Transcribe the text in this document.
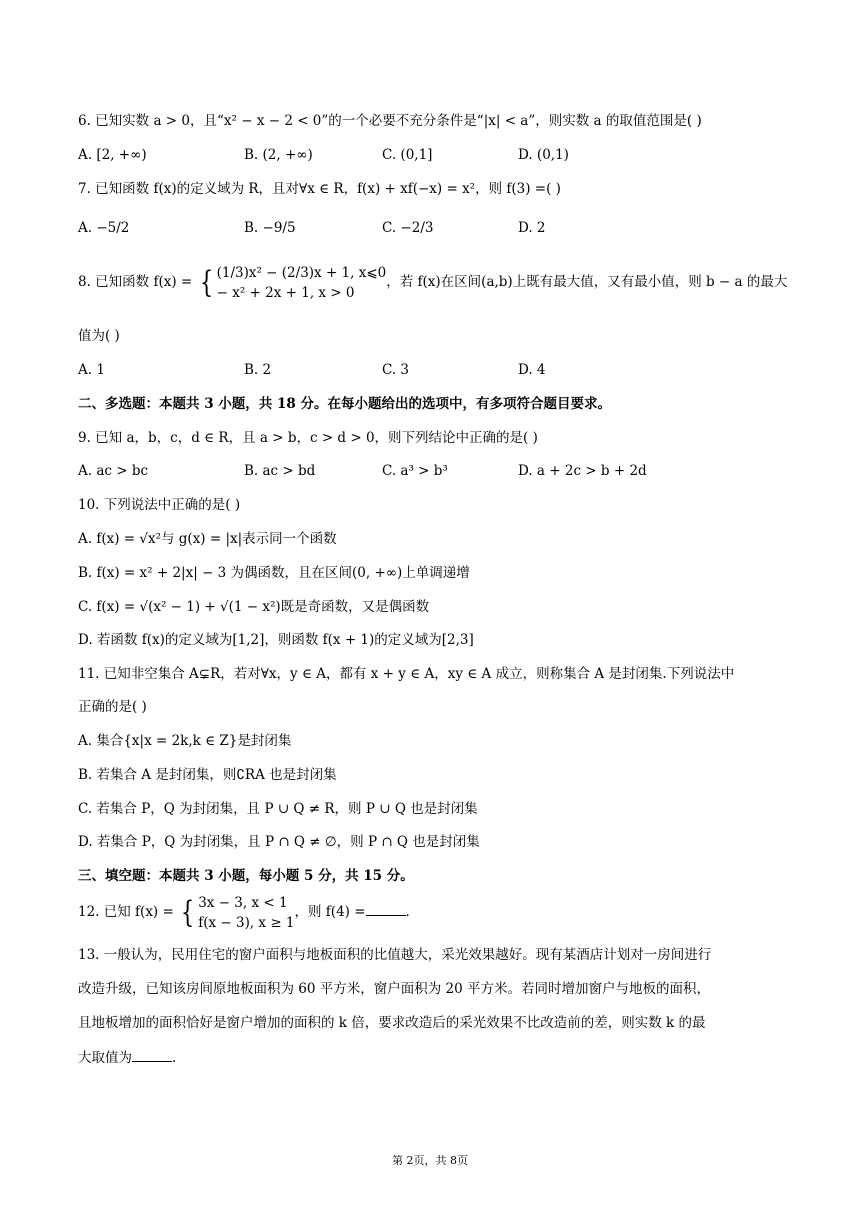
6. 已知实数 a > 0，且“x² − x − 2 < 0”的一个必要不充分条件是“|x| < a”，则实数 a 的取值范围是( )
A. [2, +∞)	B. (2, +∞)	C. (0,1]	D. (0,1)
7. 已知函数 f(x)的定义域为 R，且对∀x ∈ R，f(x) + xf(−x) = x²，则 f(3) =( )
A. −5/2	B. −9/5	C. −2/3	D. 2
8. 已知函数 f(x) = { (1/3)x² − (2/3)x + 1, x⩽0
− x² + 2x + 1, x > 0
，若 f(x)在区间(a,b)上既有最大值，又有最小值，则 b − a 的最大
值为( )
A. 1	B. 2	C. 3	D. 4
二、多选题：本题共 3 小题，共 18 分。在每小题给出的选项中，有多项符合题目要求。
9. 已知 a，b，c，d ∈ R，且 a > b，c > d > 0，则下列结论中正确的是( )
A. ac > bc	B. ac > bd	C. a³ > b³	D. a + 2c > b + 2d
10. 下列说法中正确的是( )
A. f(x) = √x²与 g(x) = |x|表示同一个函数
B. f(x) = x² + 2|x| − 3 为偶函数，且在区间(0, +∞)上单调递增
C. f(x) = √(x² − 1) + √(1 − x²)既是奇函数，又是偶函数
D. 若函数 f(x)的定义域为[1,2]，则函数 f(x + 1)的定义域为[2,3]
11. 已知非空集合 A⊊R，若对∀x，y ∈ A，都有 x + y ∈ A，xy ∈ A 成立，则称集合 A 是封闭集.下列说法中
正确的是( )
A. 集合{x|x = 2k,k ∈ Z}是封闭集
B. 若集合 A 是封闭集，则∁RA 也是封闭集
C. 若集合 P，Q 为封闭集，且 P ∪ Q ≠ R，则 P ∪ Q 也是封闭集
D. 若集合 P，Q 为封闭集，且 P ∩ Q ≠ ∅，则 P ∩ Q 也是封闭集
三、填空题：本题共 3 小题，每小题 5 分，共 15 分。
12. 已知 f(x) = { 3x − 3, x < 1
f(x − 3), x ≥ 1
，则 f(4) =	.
13. 一般认为，民用住宅的窗户面积与地板面积的比值越大，采光效果越好。现有某酒店计划对一房间进行
改造升级，已知该房间原地板面积为 60 平方米，窗户面积为 20 平方米。若同时增加窗户与地板的面积，
且地板增加的面积恰好是窗户增加的面积的 k 倍，要求改造后的采光效果不比改造前的差，则实数 k 的最
大取值为	.
第 2页，共 8页
